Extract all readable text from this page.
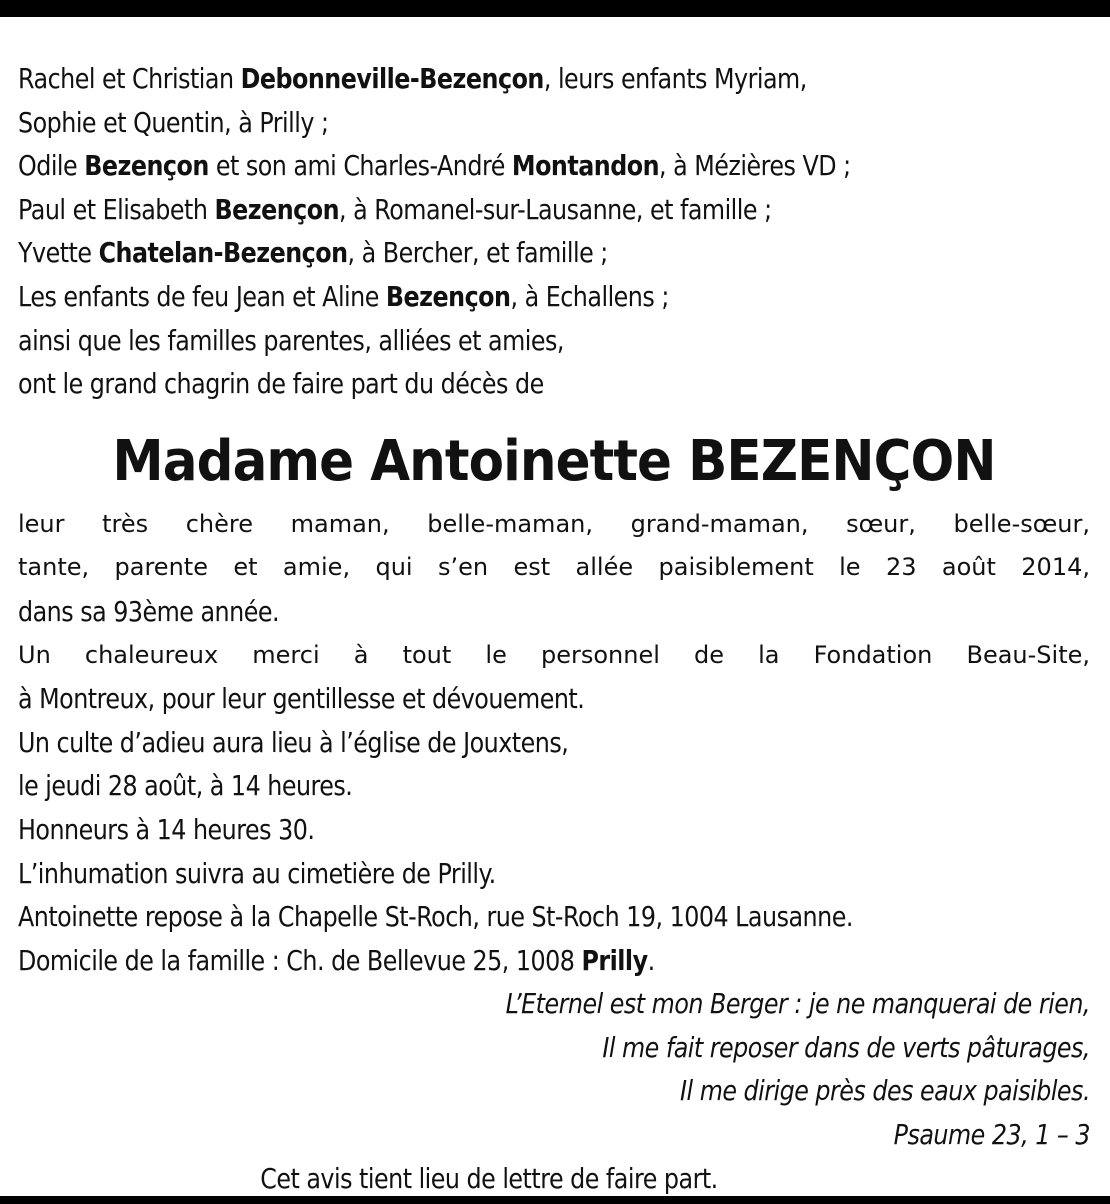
Rachel et Christian Debonneville-Bezençon, leurs enfants Myriam,
Sophie et Quentin, à Prilly ;
Odile Bezençon et son ami Charles-André Montandon, à Mézières VD ;
Paul et Elisabeth Bezençon, à Romanel-sur-Lausanne, et famille ;
Yvette Chatelan-Bezençon, à Bercher, et famille ;
Les enfants de feu Jean et Aline Bezençon, à Echallens ;
ainsi que les familles parentes, alliées et amies,
ont le grand chagrin de faire part du décès de
Madame Antoinette BEZENÇON
leur très chère maman, belle-maman, grand-maman, sœur, belle-sœur,
tante, parente et amie, qui s’en est allée paisiblement le 23 août 2014,
dans sa 93ème année.
Un chaleureux merci à tout le personnel de la Fondation Beau-Site,
à Montreux, pour leur gentillesse et dévouement.
Un culte d’adieu aura lieu à l’église de Jouxtens,
le jeudi 28 août, à 14 heures.
Honneurs à 14 heures 30.
L’inhumation suivra au cimetière de Prilly.
Antoinette repose à la Chapelle St-Roch, rue St-Roch 19, 1004 Lausanne.
Domicile de la famille : Ch. de Bellevue 25, 1008 Prilly.
L’Eternel est mon Berger : je ne manquerai de rien,
Il me fait reposer dans de verts pâturages,
Il me dirige près des eaux paisibles.
Psaume 23, 1 – 3
Cet avis tient lieu de lettre de faire part.
